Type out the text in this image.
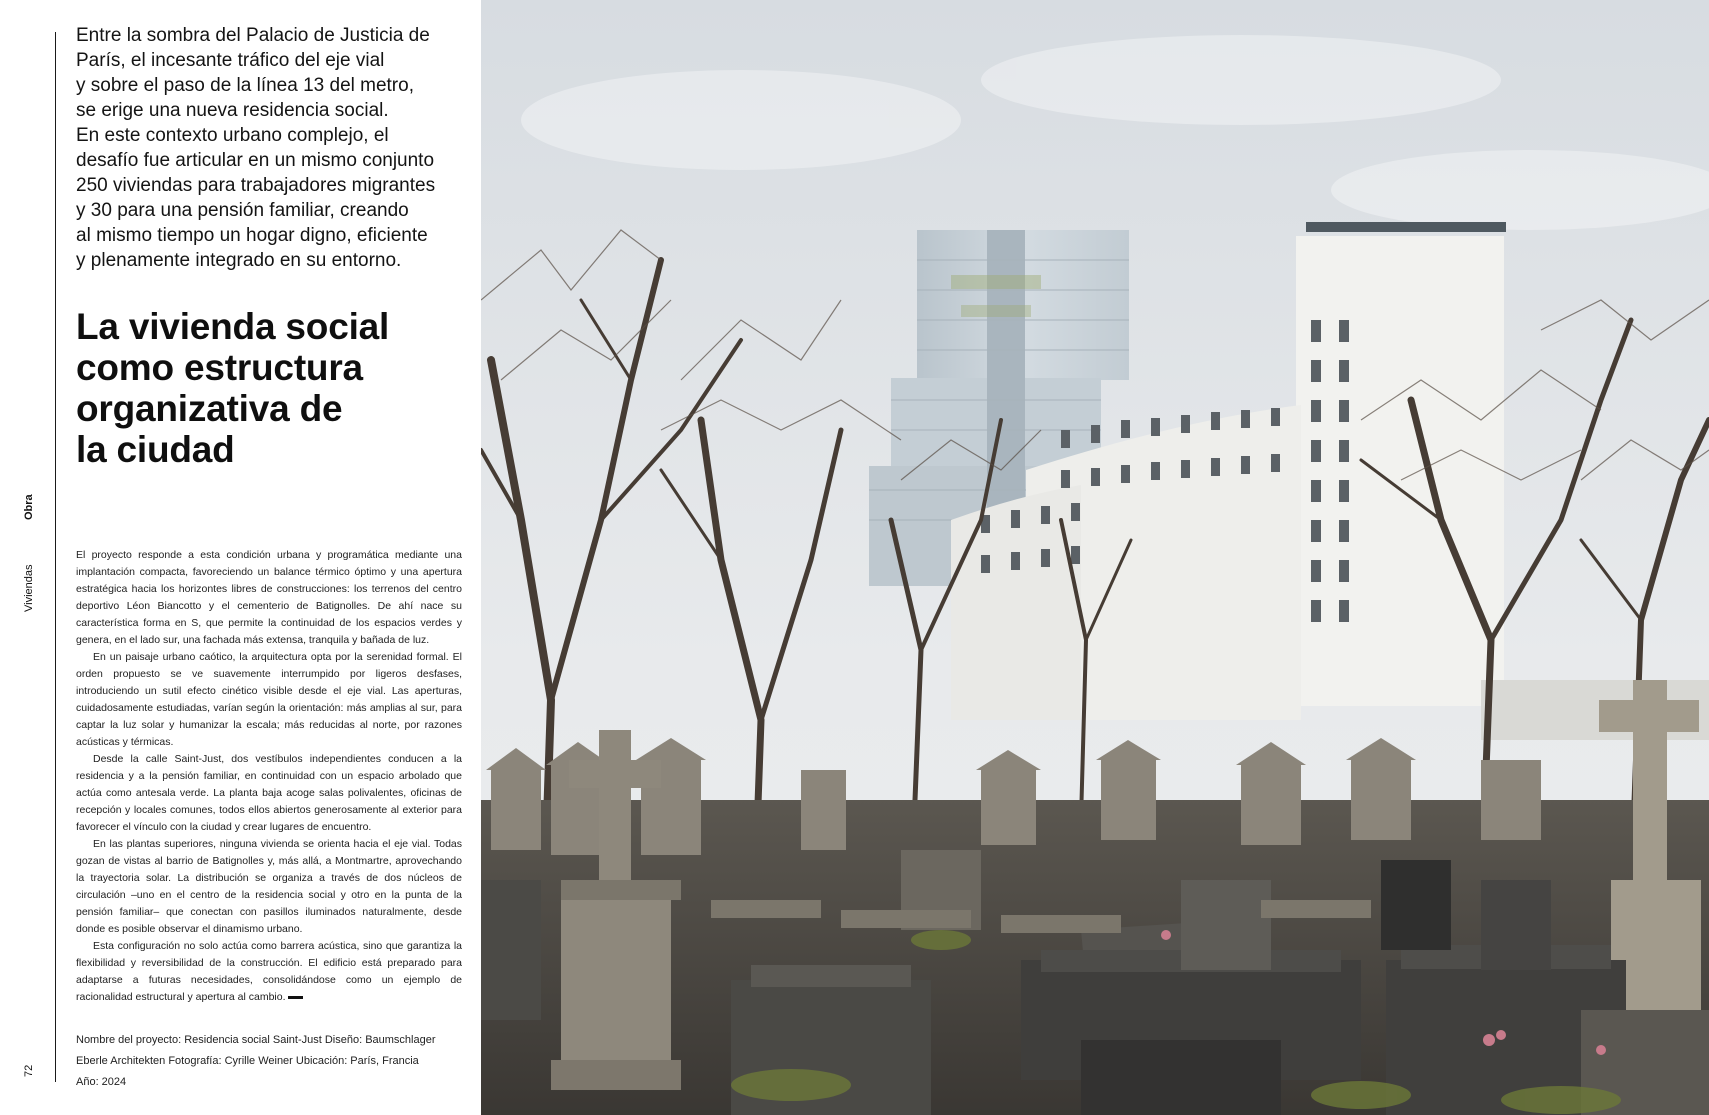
Obra
Viviendas
72
Entre la sombra del Palacio de Justicia de
París, el incesante tráfico del eje vial
y sobre el paso de la línea 13 del metro,
se erige una nueva residencia social.
En este contexto urbano complejo, el
desafío fue articular en un mismo conjunto
250 viviendas para trabajadores migrantes
y 30 para una pensión familiar, creando
al mismo tiempo un hogar digno, eficiente
y plenamente integrado en su entorno.
La vivienda social
como estructura
organizativa de
la ciudad

El proyecto responde a esta condición urbana y programática mediante una implantación compacta, favoreciendo un balance térmico óptimo y una apertura estratégica hacia los horizontes libres de construcciones: los terrenos del centro deportivo Léon Biancotto y el cementerio de Batignolles. De ahí nace su característica forma en S, que permite la continuidad de los espacios verdes y genera, en el lado sur, una fachada más extensa, tranquila y bañada de luz.

En un paisaje urbano caótico, la arquitectura opta por la serenidad formal. El orden propuesto se ve suavemente interrumpido por ligeros desfases, introduciendo un sutil efecto cinético visible desde el eje vial. Las aperturas, cuidadosamente estudiadas, varían según la orientación: más amplias al sur, para captar la luz solar y humanizar la escala; más reducidas al norte, por razones acústicas y térmicas.

Desde la calle Saint-Just, dos vestíbulos independientes conducen a la residencia y a la pensión familiar, en continuidad con un espacio arbolado que actúa como antesala verde. La planta baja acoge salas polivalentes, oficinas de recepción y locales comunes, todos ellos abiertos generosamente al exterior para favorecer el vínculo con la ciudad y crear lugares de encuentro.

En las plantas superiores, ninguna vivienda se orienta hacia el eje vial. Todas gozan de vistas al barrio de Batignolles y, más allá, a Montmartre, aprovechando la trayectoria solar. La distribución se organiza a través de dos núcleos de circulación –uno en el centro de la residencia social y otro en la punta de la pensión familiar– que conectan con pasillos iluminados naturalmente, desde donde es posible observar el dinamismo urbano.

Esta configuración no solo actúa como barrera acústica, sino que garantiza la flexibilidad y reversibilidad de la construcción. El edificio está preparado para adaptarse a futuras necesidades, consolidándose como un ejemplo de racionalidad estructural y apertura al cambio.

Nombre del proyecto: Residencia social Saint-Just Diseño: Baumschlager
Eberle Architekten Fotografía: Cyrille Weiner Ubicación: París, Francia
Año: 2024
